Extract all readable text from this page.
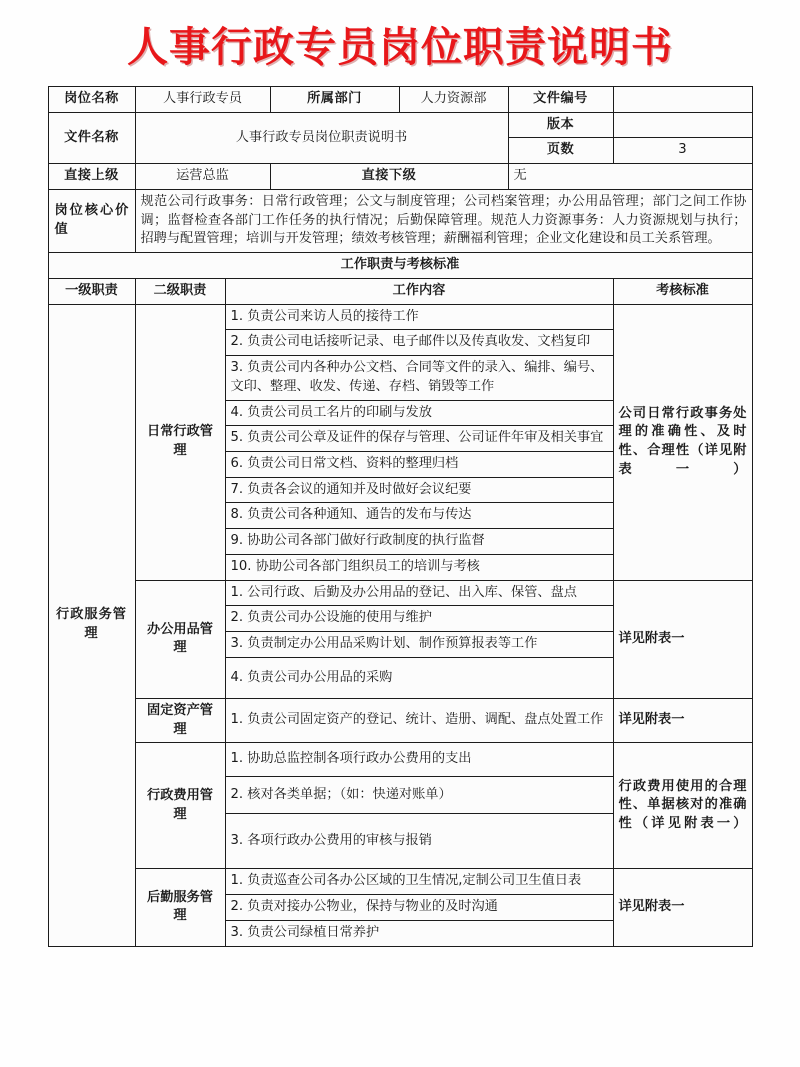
人事行政专员岗位职责说明书
岗位名称	人事行政专员		所属部门	人力资源部	文件编号	
文件名称	人事行政专员岗位职责说明书				版本	
					页数	3
直接上级	运营总监		直接下级		无	
岗位核心价值	规范公司行政事务：日常行政管理；公文与制度管理；公司档案管理；办公用品管理；部门之间工作协调；监督检查各部门工作任务的执行情况；后勤保障管理。规范人力资源事务：人力资源规划与执行；招聘与配置管理；培训与开发管理；绩效考核管理；薪酬福利管理；企业文化建设和员工关系管理。					
工作职责与考核标准						
一级职责	二级职责	工作内容				考核标准
行政服务管理	日常行政管理	1. 负责公司来访人员的接待工作				公司日常行政事务处理的准确性、及时性、合理性（详见附表一）
		2. 负责公司电话接听记录、电子邮件以及传真收发、文档复印				
		3. 负责公司内各种办公文档、合同等文件的录入、编排、编号、文印、整理、收发、传递、存档、销毁等工作				
		4. 负责公司员工名片的印刷与发放				
		5. 负责公司公章及证件的保存与管理、公司证件年审及相关事宜				
		6. 负责公司日常文档、资料的整理归档				
		7. 负责各会议的通知并及时做好会议纪要				
		8. 负责公司各种通知、通告的发布与传达				
		9. 协助公司各部门做好行政制度的执行监督				
		10. 协助公司各部门组织员工的培训与考核				
	办公用品管理	1. 公司行政、后勤及办公用品的登记、出入库、保管、盘点				详见附表一
		2. 负责公司办公设施的使用与维护				
		3. 负责制定办公用品采购计划、制作预算报表等工作				
		4. 负责公司办公用品的采购				
	固定资产管理	1. 负责公司固定资产的登记、统计、造册、调配、盘点处置工作				详见附表一
	行政费用管理	1. 协助总监控制各项行政办公费用的支出				行政费用使用的合理性、单据核对的准确性（详见附表一）
		2. 核对各类单据；（如：快递对账单）				
		3. 各项行政办公费用的审核与报销				
	后勤服务管理	1. 负责巡查公司各办公区域的卫生情况,定制公司卫生值日表				详见附表一
		2. 负责对接办公物业，保持与物业的及时沟通				
		3. 负责公司绿植日常养护				
